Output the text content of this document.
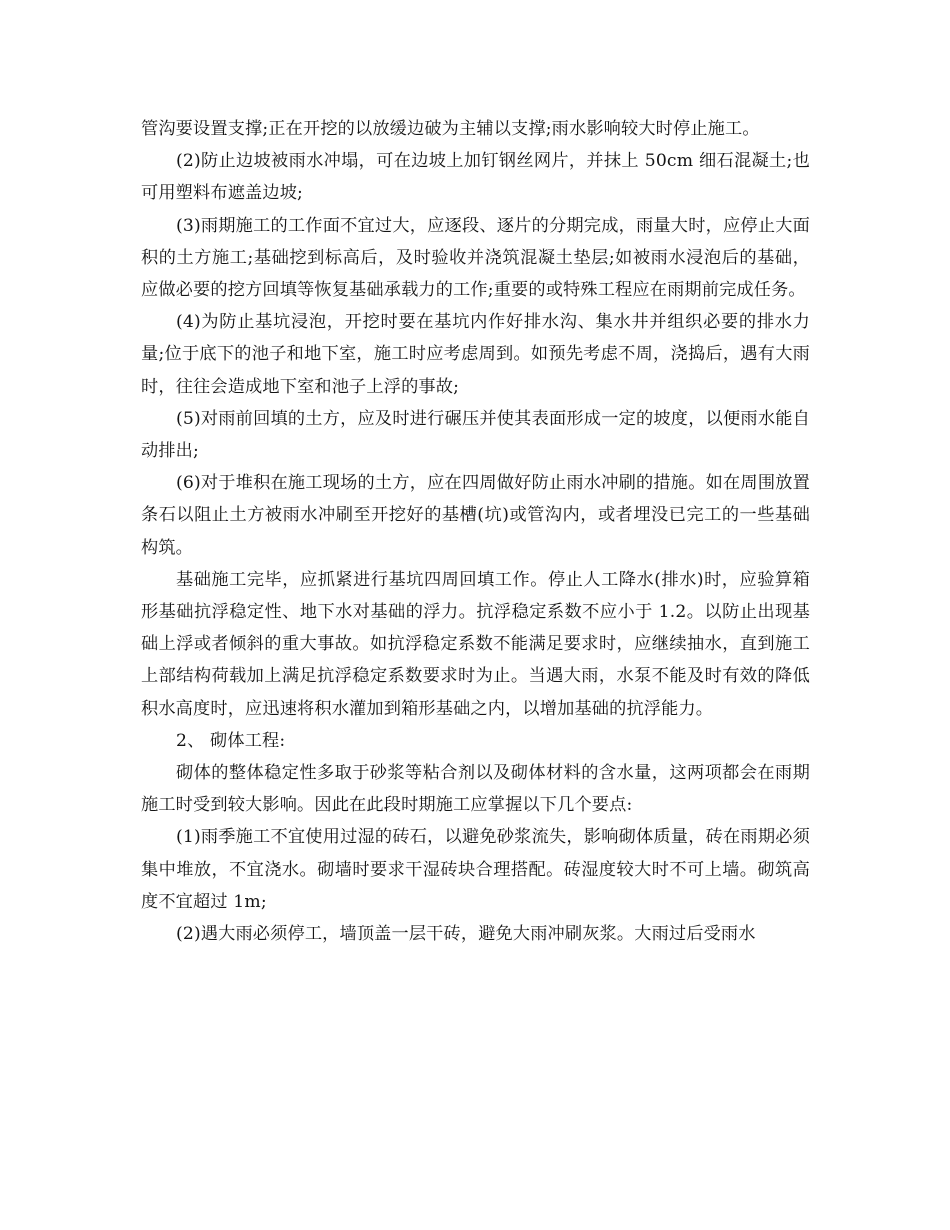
管沟要设置支撑;正在开挖的以放缓边破为主辅以支撑;雨水影响较大时停止施工。

(2)防止边坡被雨水冲塌，可在边坡上加钉钢丝网片，并抹上 50cm 细石混凝土;也可用塑料布遮盖边坡;

(3)雨期施工的工作面不宜过大，应逐段、逐片的分期完成，雨量大时，应停止大面积的土方施工;基础挖到标高后，及时验收并浇筑混凝土垫层;如被雨水浸泡后的基础，应做必要的挖方回填等恢复基础承载力的工作;重要的或特殊工程应在雨期前完成任务。

(4)为防止基坑浸泡，开挖时要在基坑内作好排水沟、集水井并组织必要的排水力量;位于底下的池子和地下室，施工时应考虑周到。如预先考虑不周，浇捣后，遇有大雨时，往往会造成地下室和池子上浮的事故;

(5)对雨前回填的土方，应及时进行碾压并使其表面形成一定的坡度，以便雨水能自动排出;

(6)对于堆积在施工现场的土方，应在四周做好防止雨水冲刷的措施。如在周围放置条石以阻止土方被雨水冲刷至开挖好的基槽(坑)或管沟内，或者埋没已完工的一些基础构筑。

基础施工完毕，应抓紧进行基坑四周回填工作。停止人工降水(排水)时，应验算箱形基础抗浮稳定性、地下水对基础的浮力。抗浮稳定系数不应小于 1.2。以防止出现基础上浮或者倾斜的重大事故。如抗浮稳定系数不能满足要求时，应继续抽水，直到施工上部结构荷载加上满足抗浮稳定系数要求时为止。当遇大雨，水泵不能及时有效的降低积水高度时，应迅速将积水灌加到箱形基础之内，以增加基础的抗浮能力。

2、 砌体工程:

砌体的整体稳定性多取于砂浆等粘合剂以及砌体材料的含水量，这两项都会在雨期施工时受到较大影响。因此在此段时期施工应掌握以下几个要点:

(1)雨季施工不宜使用过湿的砖石，以避免砂浆流失，影响砌体质量，砖在雨期必须集中堆放，不宜浇水。砌墙时要求干湿砖块合理搭配。砖湿度较大时不可上墙。砌筑高度不宜超过 1m;

(2)遇大雨必须停工，墙顶盖一层干砖，避免大雨冲刷灰浆。大雨过后受雨水
